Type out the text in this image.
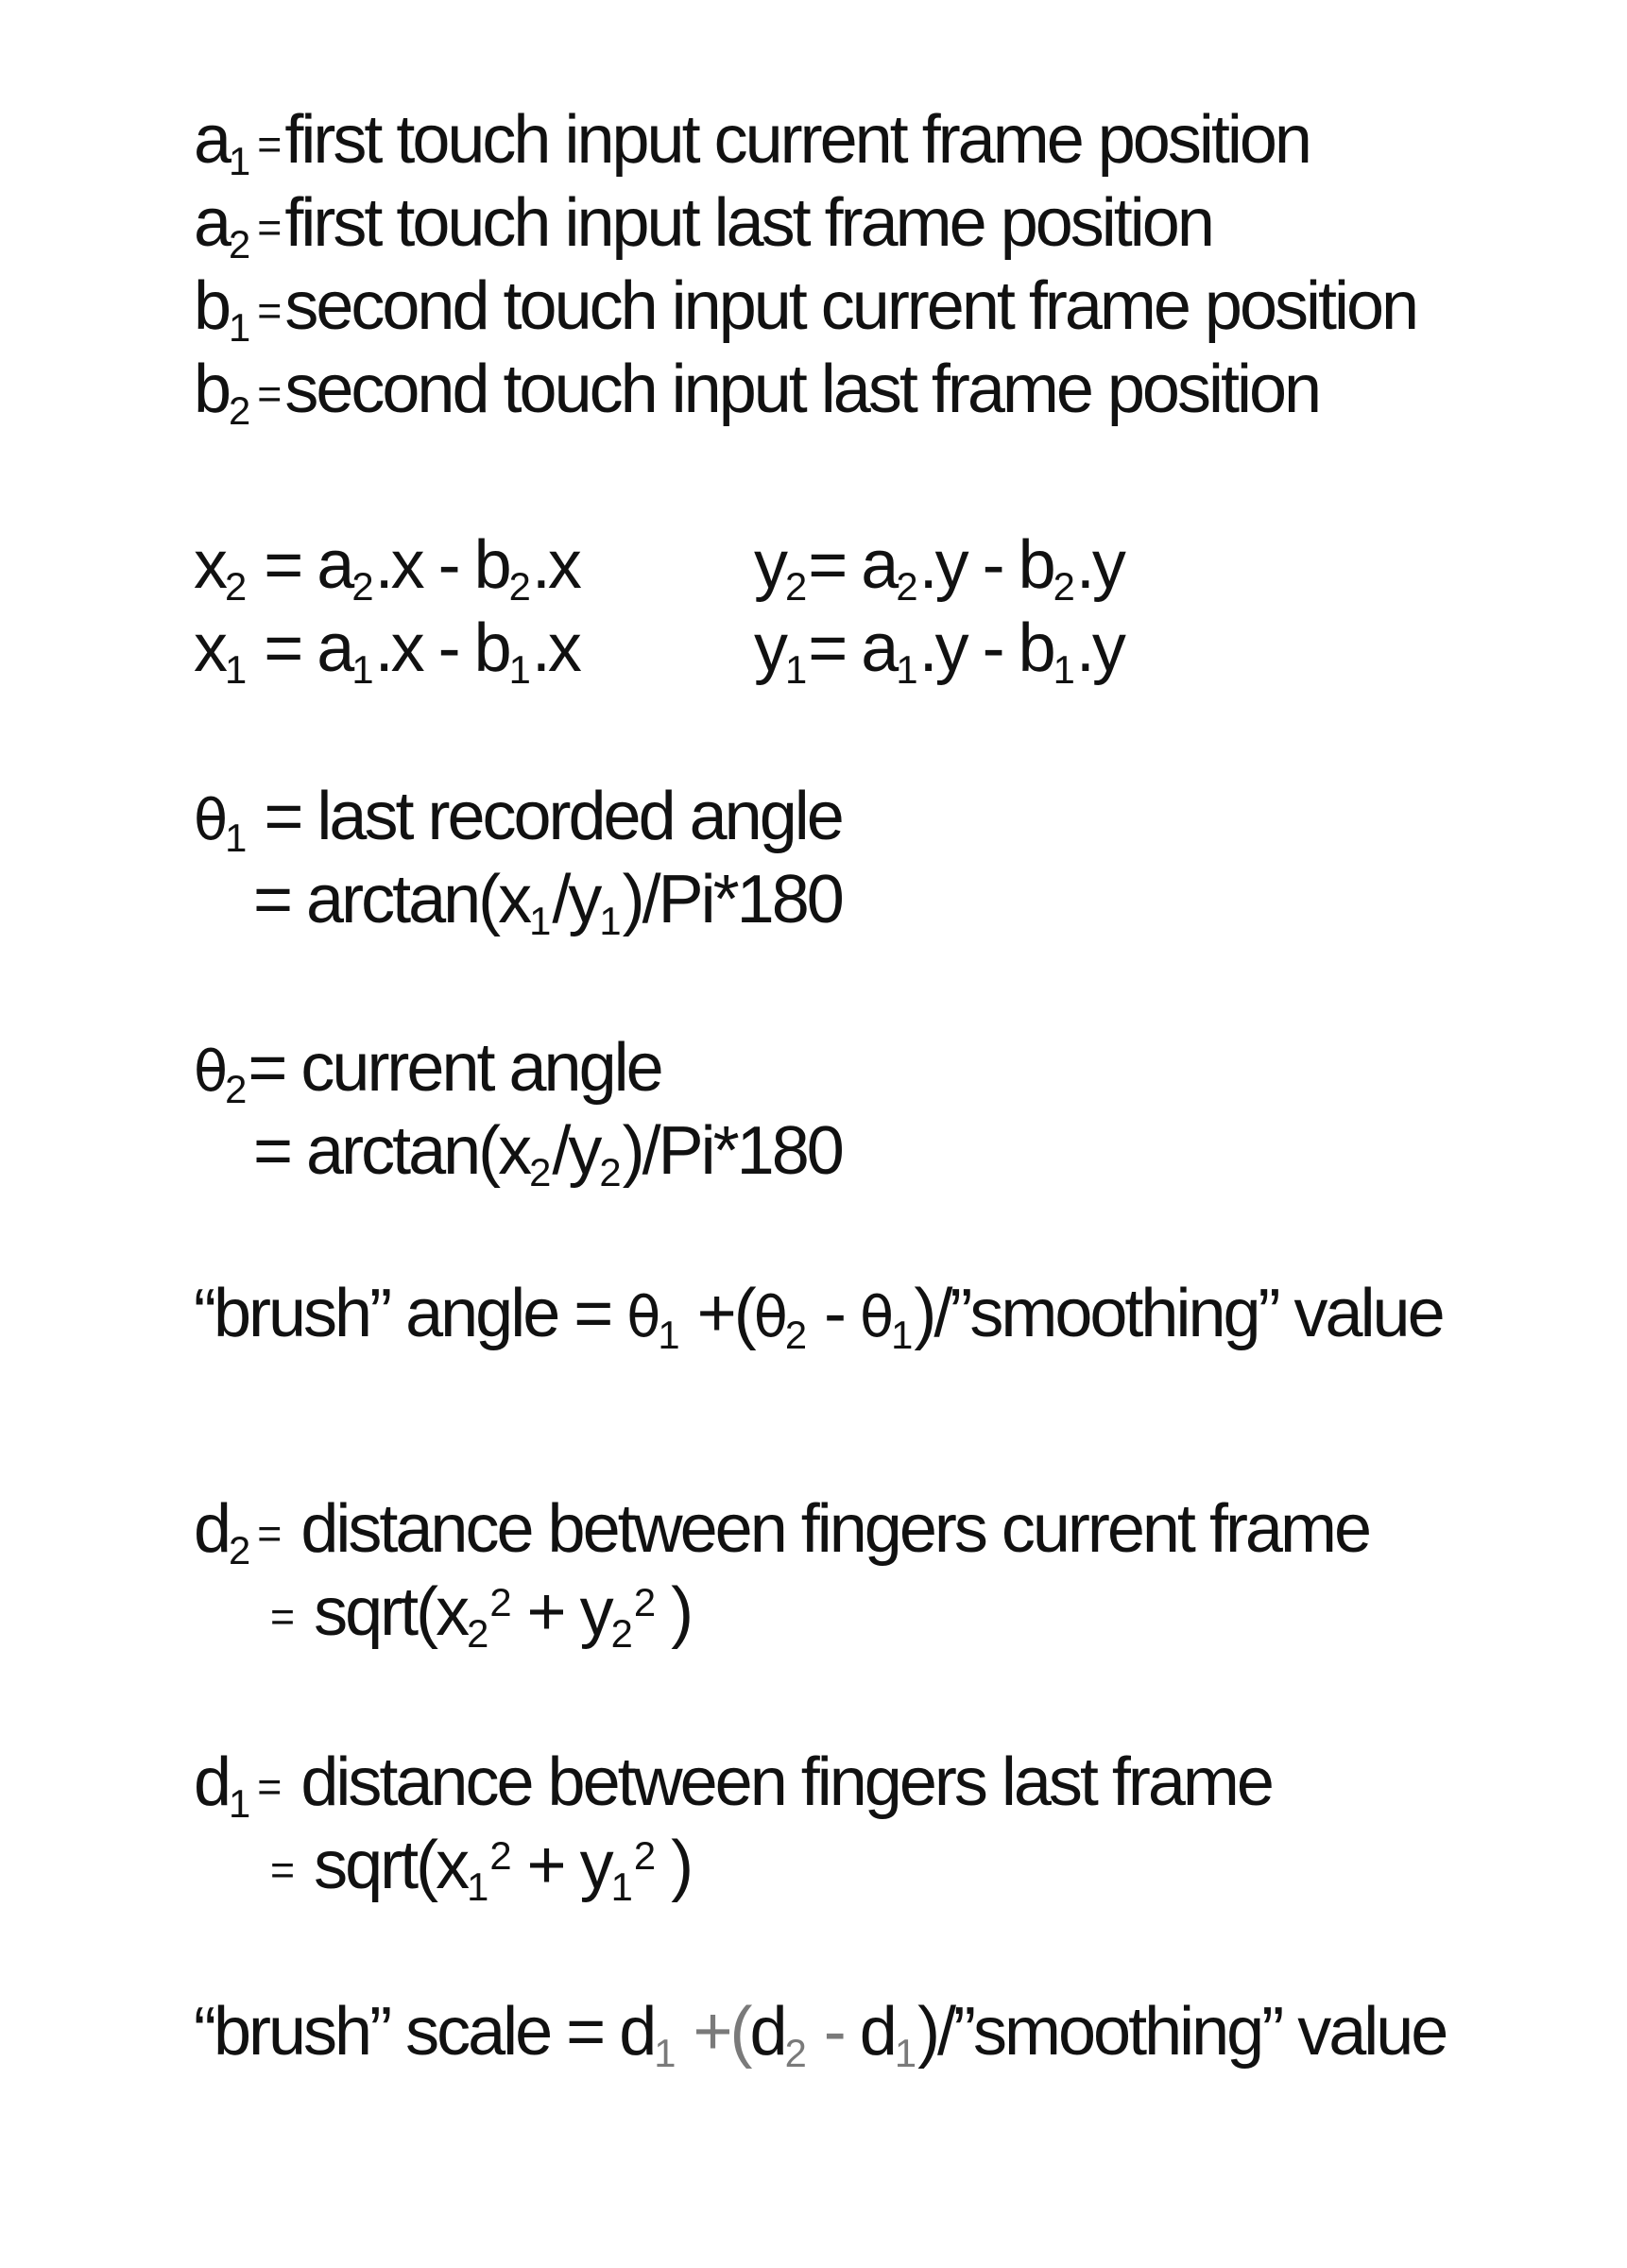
a1 =first touch input current frame position
a2 =first touch input last frame position
b1 =second touch input current frame position
b2 =second touch input last frame position
x2 = a2.x - b2.x	y2= a2.y - b2.y
x1 = a1.x - b1.x	y1= a1.y - b1.y
θ1 = last recorded angle
= arctan(x1/y1)/Pi*180
θ2= current angle
= arctan(x2/y2)/Pi*180
“brush” angle = θ1 +(θ2 - θ1)/”smoothing” value
d2 = distance between fingers current frame
= $sqrt(x2^2 + y2^2$ )
d1 = distance between fingers last frame
= $sqrt(x1^2 + y1^2$ )
“brush” scale = d1 +(d2 - d1)/”smoothing” value
